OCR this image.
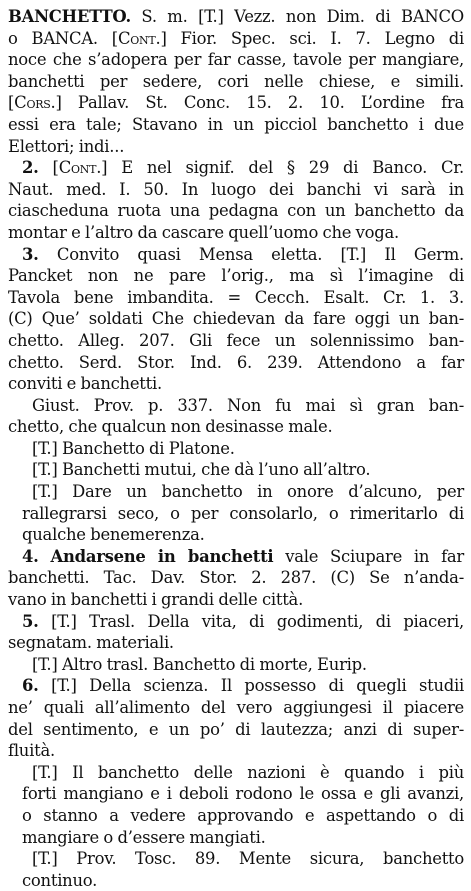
BANCHETTO. S. m. [T.] Vezz. non Dim. di BANCO
o BANCA. [Cont.] Fior. Spec. sci. I. 7. Legno di
noce che s’adopera per far casse, tavole per mangiare,
banchetti per sedere, cori nelle chiese, e simili.
[Cors.] Pallav. St. Conc. 15. 2. 10. L’ordine fra
essi era tale; Stavano in un picciol banchetto i due
Elettori; indi...
2. [Cont.] E nel signif. del § 29 di Banco. Cr.
Naut. med. I. 50. In luogo dei banchi vi sarà in
ciascheduna ruota una pedagna con un banchetto da
montar e l’altro da cascare quell’uomo che voga.
3. Convito quasi Mensa eletta. [T.] Il Germ.
Pancket non ne pare l’orig., ma sì l’imagine di
Tavola bene imbandita. = Cecch. Esalt. Cr. 1. 3.
(C) Que’ soldati Che chiedevan da fare oggi un ban-
chetto. Alleg. 207. Gli fece un solennissimo ban-
chetto. Serd. Stor. Ind. 6. 239. Attendono a far
conviti e banchetti.
Giust. Prov. p. 337. Non fu mai sì gran ban-
chetto, che qualcun non desinasse male.
[T.] Banchetto di Platone.
[T.] Banchetti mutui, che dà l’uno all’altro.
[T.] Dare un banchetto in onore d’alcuno, per
rallegrarsi seco, o per consolarlo, o rimeritarlo di
qualche benemerenza.
4. Andarsene in banchetti vale Sciupare in far
banchetti. Tac. Dav. Stor. 2. 287. (C) Se n’anda-
vano in banchetti i grandi delle città.
5. [T.] Trasl. Della vita, di godimenti, di piaceri,
segnatam. materiali.
[T.] Altro trasl. Banchetto di morte, Eurip.
6. [T.] Della scienza. Il possesso di quegli studii
ne’ quali all’alimento del vero aggiungesi il piacere
del sentimento, e un po’ di lautezza; anzi di super-
fluità.
[T.] Il banchetto delle nazioni è quando i più
forti mangiano e i deboli rodono le ossa e gli avanzi,
o stanno a vedere approvando e aspettando o di
mangiare o d’essere mangiati.
[T.] Prov. Tosc. 89. Mente sicura, banchetto
continuo.
